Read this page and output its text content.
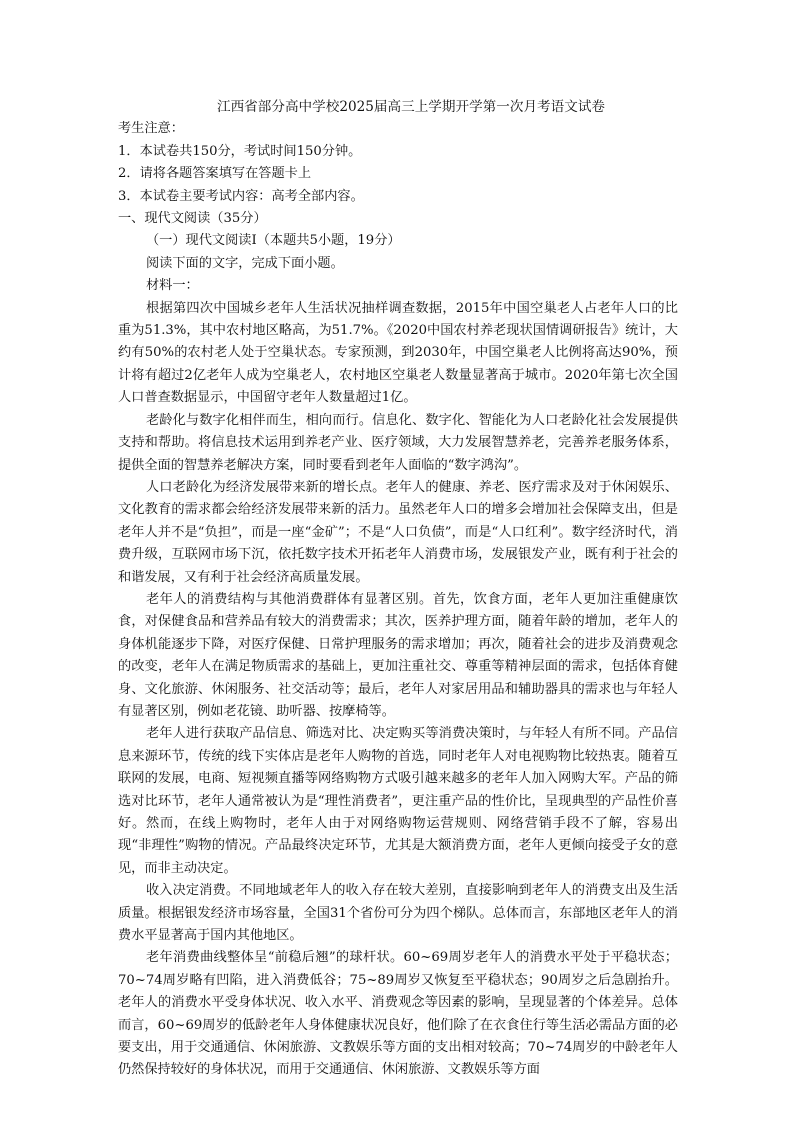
江西省部分高中学校2025届高三上学期开学第一次月考语文试卷

考生注意：

1．本试卷共150分，考试时间150分钟。

2．请将各题答案填写在答题卡上

3．本试卷主要考试内容：高考全部内容。

一、现代文阅读（35分）

（一）现代文阅读Ⅰ（本题共5小题，19分）

阅读下面的文字，完成下面小题。

材料一：

根据第四次中国城乡老年人生活状况抽样调查数据，2015年中国空巢老人占老年人口的比重为51.3%，其中农村地区略高，为51.7%。《2020中国农村养老现状国情调研报告》统计，大约有50%的农村老人处于空巢状态。专家预测，到2030年，中国空巢老人比例将高达90%，预计将有超过2亿老年人成为空巢老人，农村地区空巢老人数量显著高于城市。2020年第七次全国人口普查数据显示，中国留守老年人数量超过1亿。

老龄化与数字化相伴而生，相向而行。信息化、数字化、智能化为人口老龄化社会发展提供支持和帮助。将信息技术运用到养老产业、医疗领域，大力发展智慧养老，完善养老服务体系，提供全面的智慧养老解决方案，同时要看到老年人面临的“数字鸿沟”。

人口老龄化为经济发展带来新的增长点。老年人的健康、养老、医疗需求及对于休闲娱乐、文化教育的需求都会给经济发展带来新的活力。虽然老年人口的增多会增加社会保障支出，但是老年人并不是“负担”，而是一座“金矿”；不是“人口负债”，而是“人口红利”。数字经济时代，消费升级，互联网市场下沉，依托数字技术开拓老年人消费市场，发展银发产业，既有利于社会的和谐发展，又有利于社会经济高质量发展。

老年人的消费结构与其他消费群体有显著区别。首先，饮食方面，老年人更加注重健康饮食，对保健食品和营养品有较大的消费需求；其次，医养护理方面，随着年龄的增加，老年人的身体机能逐步下降，对医疗保健、日常护理服务的需求增加；再次，随着社会的进步及消费观念的改变，老年人在满足物质需求的基础上，更加注重社交、尊重等精神层面的需求，包括体育健身、文化旅游、休闲服务、社交活动等；最后，老年人对家居用品和辅助器具的需求也与年轻人有显著区别，例如老花镜、助听器、按摩椅等。

老年人进行获取产品信息、筛选对比、决定购买等消费决策时，与年轻人有所不同。产品信息来源环节，传统的线下实体店是老年人购物的首选，同时老年人对电视购物比较热衷。随着互联网的发展，电商、短视频直播等网络购物方式吸引越来越多的老年人加入网购大军。产品的筛选对比环节，老年人通常被认为是“理性消费者”，更注重产品的性价比，呈现典型的产品性价喜好。然而，在线上购物时，老年人由于对网络购物运营规则、网络营销手段不了解，容易出现“非理性”购物的情况。产品最终决定环节，尤其是大额消费方面，老年人更倾向接受子女的意见，而非主动决定。

收入决定消费。不同地域老年人的收入存在较大差别，直接影响到老年人的消费支出及生活质量。根据银发经济市场容量，全国31个省份可分为四个梯队。总体而言，东部地区老年人的消费水平显著高于国内其他地区。

老年消费曲线整体呈“前稳后翘”的球杆状。60~69周岁老年人的消费水平处于平稳状态；70~74周岁略有凹陷，进入消费低谷；75~89周岁又恢复至平稳状态；90周岁之后急剧抬升。老年人的消费水平受身体状况、收入水平、消费观念等因素的影响，呈现显著的个体差异。总体而言，60~69周岁的低龄老年人身体健康状况良好，他们除了在衣食住行等生活必需品方面的必要支出，用于交通通信、休闲旅游、文教娱乐等方面的支出相对较高；70~74周岁的中龄老年人仍然保持较好的身体状况，而用于交通通信、休闲旅游、文教娱乐等方面
